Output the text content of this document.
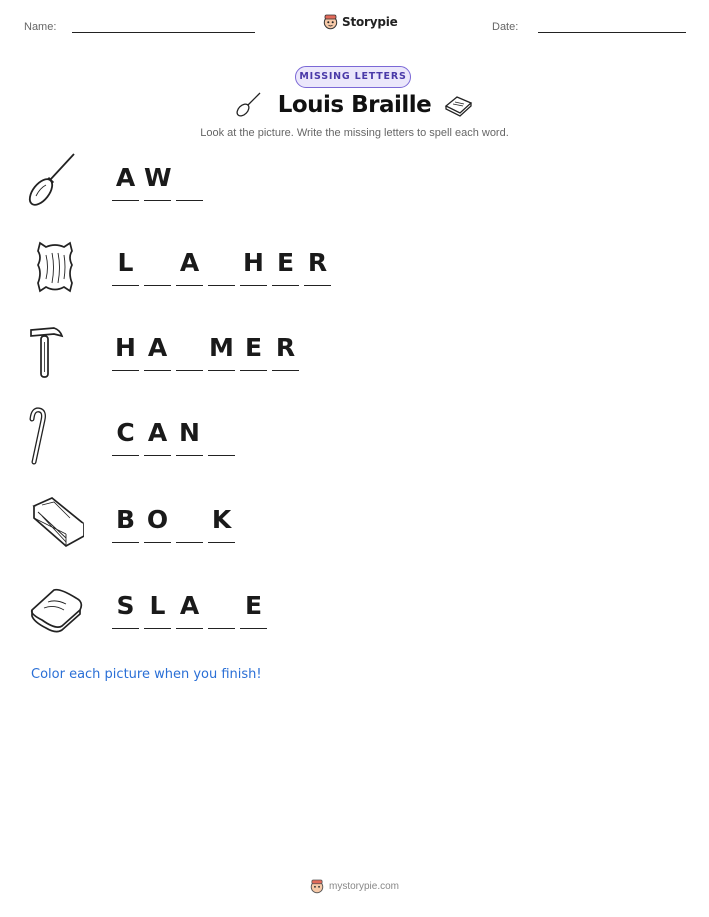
Name:	Storypie	Date:
MISSING LETTERS
Louis Braille
Look at the picture. Write the missing letters to spell each word.
A W
L A H E R
H A M E R
C A N
B O K
S L A E
Color each picture when you finish!
mystorypie.com
